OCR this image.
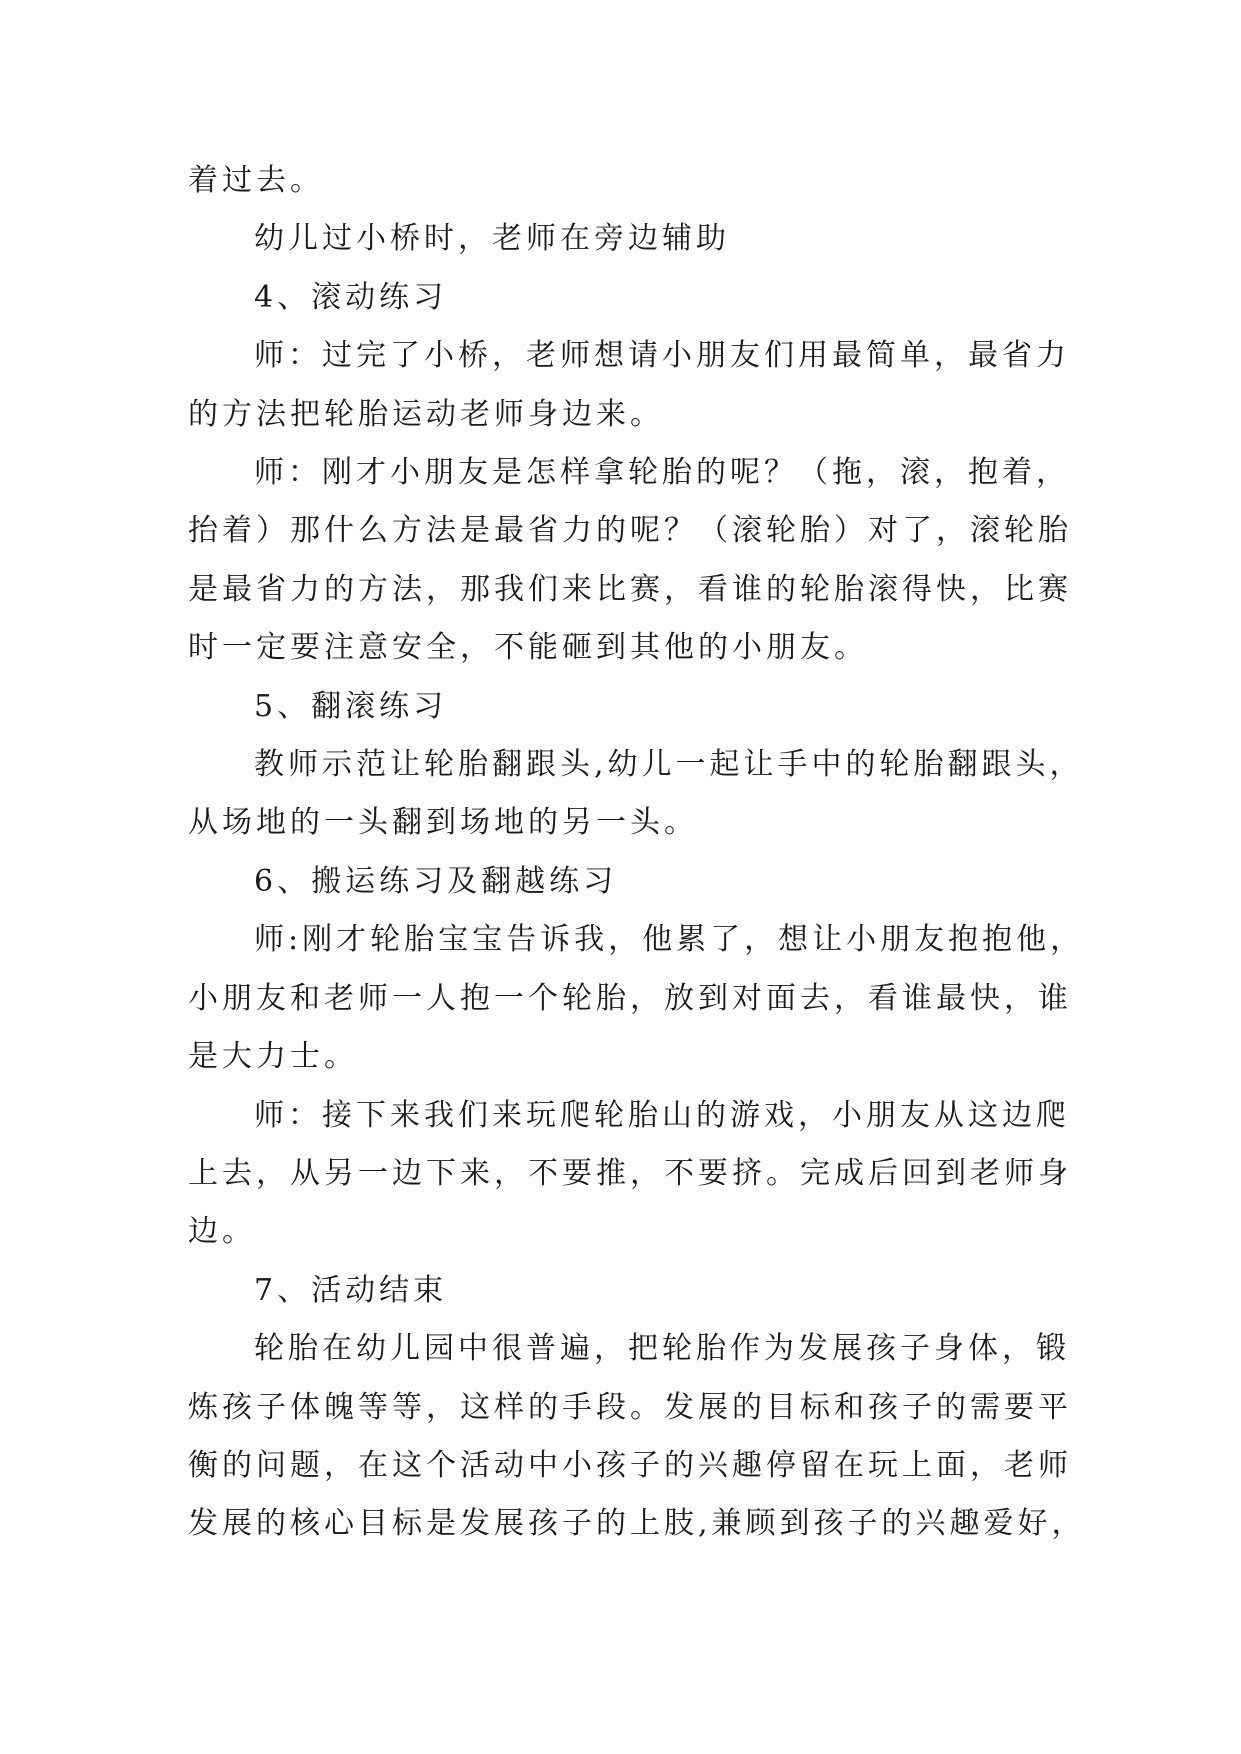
着过去。

幼儿过小桥时，老师在旁边辅助

4、滚动练习

师：过完了小桥，老师想请小朋友们用最简单，最省力

的方法把轮胎运动老师身边来。

师：刚才小朋友是怎样拿轮胎的呢？（拖，滚，抱着，

抬着）那什么方法是最省力的呢？（滚轮胎）对了，滚轮胎

是最省力的方法，那我们来比赛，看谁的轮胎滚得快，比赛

时一定要注意安全，不能砸到其他的小朋友。

5、翻滚练习

教师示范让轮胎翻跟头,幼儿一起让手中的轮胎翻跟头，

从场地的一头翻到场地的另一头。

6、搬运练习及翻越练习

师:刚才轮胎宝宝告诉我，他累了，想让小朋友抱抱他，

小朋友和老师一人抱一个轮胎，放到对面去，看谁最快，谁

是大力士。

师：接下来我们来玩爬轮胎山的游戏，小朋友从这边爬

上去，从另一边下来，不要推，不要挤。完成后回到老师身

边。

7、活动结束

轮胎在幼儿园中很普遍，把轮胎作为发展孩子身体，锻

炼孩子体魄等等，这样的手段。发展的目标和孩子的需要平

衡的问题，在这个活动中小孩子的兴趣停留在玩上面，老师

发展的核心目标是发展孩子的上肢,兼顾到孩子的兴趣爱好，
